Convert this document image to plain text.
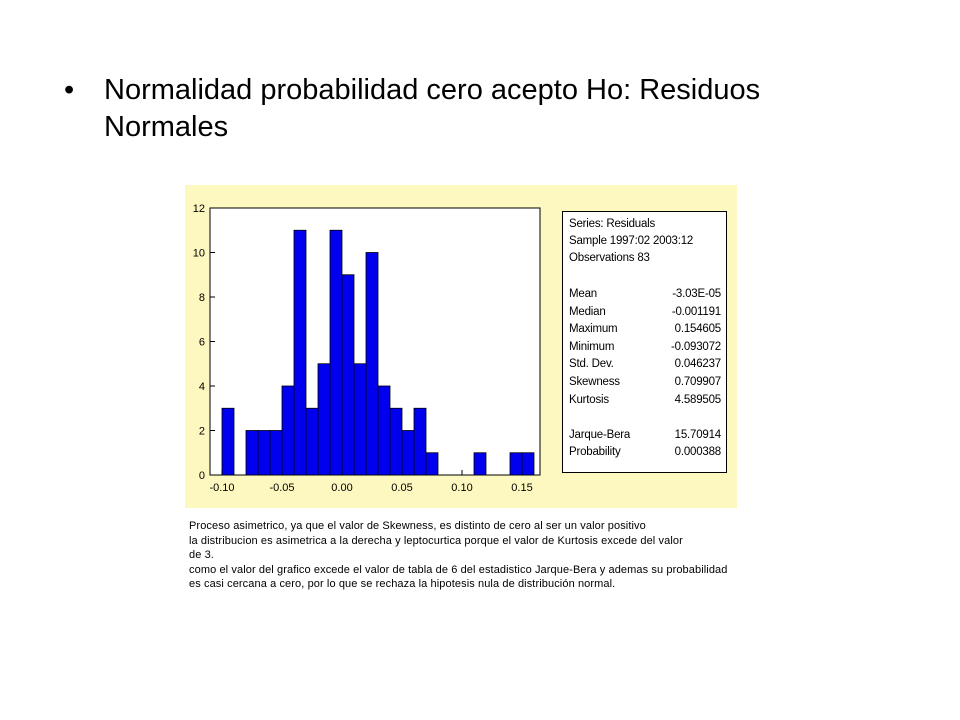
• Normalidad probabilidad cero acepto Ho: Residuos Normales
0
2
4
6
8
10
12
-0.10	-0.05	0.00	0.05	0.10	0.15
Series: Residuals
Sample 1997:02 2003:12
Observations 83
Mean	-3.03E-05
Median	-0.001191
Maximum	0.154605
Minimum	-0.093072
Std. Dev.	0.046237
Skewness	0.709907
Kurtosis	4.589505
Jarque-Bera	15.70914
Probability	0.000388
Proceso asimetrico, ya que el valor de Skewness, es distinto de cero al ser un valor positivo
la distribucion es asimetrica a la derecha y leptocurtica porque el valor de Kurtosis excede del valor
de 3.
como el valor del grafico excede el valor de tabla de 6 del estadistico Jarque-Bera y ademas su probabilidad
es casi cercana a cero, por lo que se rechaza la hipotesis nula de distribución normal.
